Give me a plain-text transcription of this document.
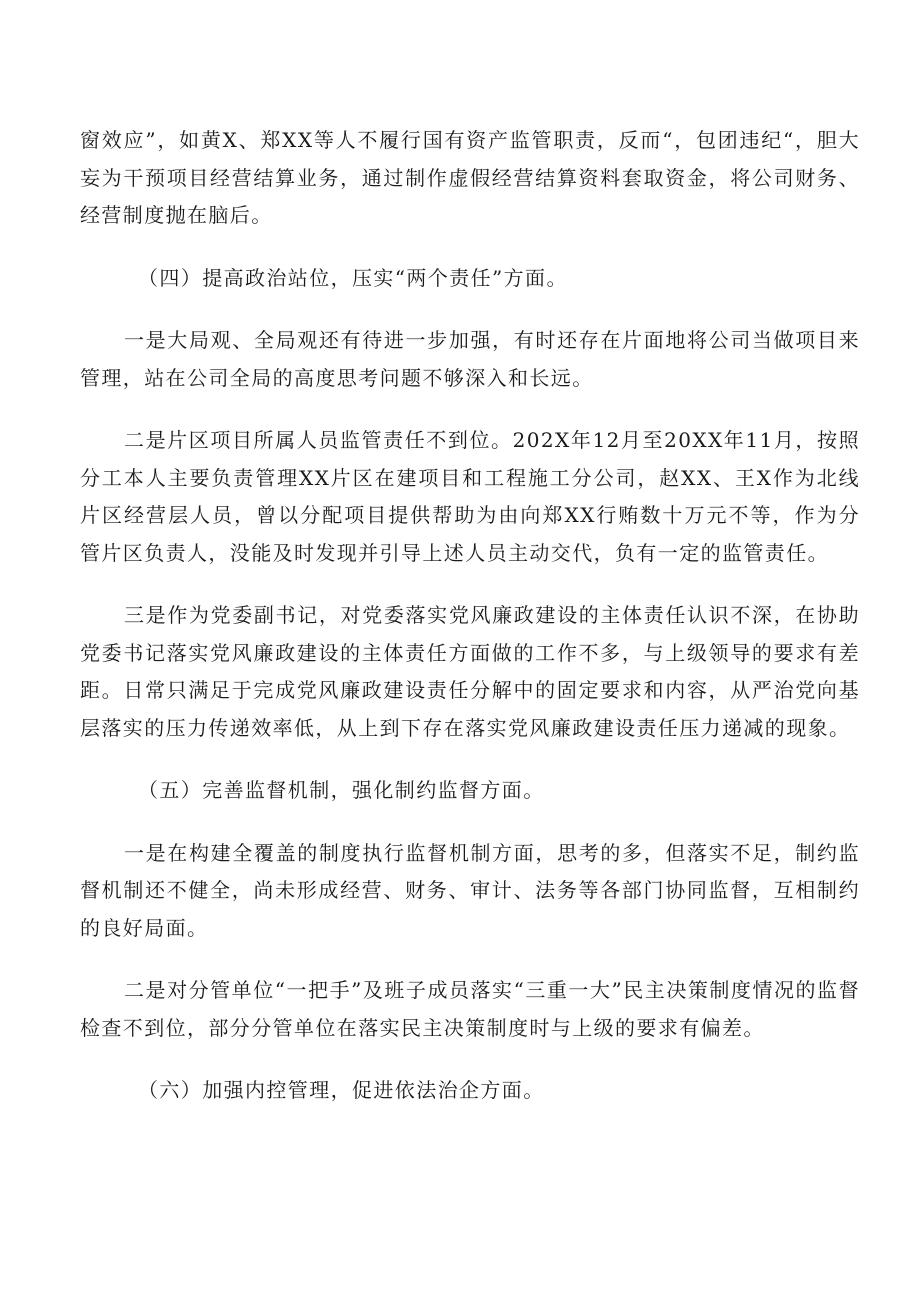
窗效应”，如黄X、郑XX等人不履行国有资产监管职责，反而“，包团违纪“，胆大妄为干预项目经营结算业务，通过制作虚假经营结算资料套取资金，将公司财务、经营制度抛在脑后。

（四）提高政治站位，压实“两个责任”方面。

一是大局观、全局观还有待进一步加强，有时还存在片面地将公司当做项目来管理，站在公司全局的高度思考问题不够深入和长远。

二是片区项目所属人员监管责任不到位。202X年12月至20XX年11月，按照分工本人主要负责管理XX片区在建项目和工程施工分公司，赵XX、王X作为北线片区经营层人员，曾以分配项目提供帮助为由向郑XX行贿数十万元不等，作为分管片区负责人，没能及时发现并引导上述人员主动交代，负有一定的监管责任。

三是作为党委副书记，对党委落实党风廉政建设的主体责任认识不深，在协助党委书记落实党风廉政建设的主体责任方面做的工作不多，与上级领导的要求有差距。日常只满足于完成党风廉政建设责任分解中的固定要求和内容，从严治党向基层落实的压力传递效率低，从上到下存在落实党风廉政建设责任压力递减的现象。

（五）完善监督机制，强化制约监督方面。

一是在构建全覆盖的制度执行监督机制方面，思考的多，但落实不足，制约监督机制还不健全，尚未形成经营、财务、审计、法务等各部门协同监督，互相制约的良好局面。

二是对分管单位“一把手”及班子成员落实“三重一大”民主决策制度情况的监督检查不到位，部分分管单位在落实民主决策制度时与上级的要求有偏差。

（六）加强内控管理，促进依法治企方面。
